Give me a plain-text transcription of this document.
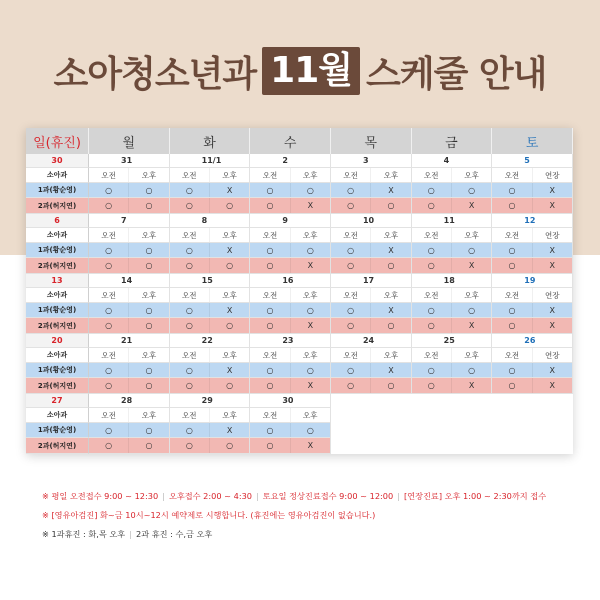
소아청소년과 11월 스케줄 안내
일(휴진)	월	화	수	목	금	토
30	31	11/1	2	3	4	5
소아과	오전	오후	오전	오후	오전	오후	오전	오후	오전	오후	오전	연장
1과(황순영)	○	○	○	X	○	○	○	X	○	○	○	X
2과(허지연)	○	○	○	○	○	X	○	○	○	X	○	X
6	7	8	9	10	11	12
소아과	오전	오후	오전	오후	오전	오후	오전	오후	오전	오후	오전	연장
1과(황순영)	○	○	○	X	○	○	○	X	○	○	○	X
2과(허지연)	○	○	○	○	○	X	○	○	○	X	○	X
13	14	15	16	17	18	19
소아과	오전	오후	오전	오후	오전	오후	오전	오후	오전	오후	오전	연장
1과(황순영)	○	○	○	X	○	○	○	X	○	○	○	X
2과(허지연)	○	○	○	○	○	X	○	○	○	X	○	X
20	21	22	23	24	25	26
소아과	오전	오후	오전	오후	오전	오후	오전	오후	오전	오후	오전	연장
1과(황순영)	○	○	○	X	○	○	○	X	○	○	○	X
2과(허지연)	○	○	○	○	○	X	○	○	○	X	○	X
27	28	29	30
소아과	오전	오후	오전	오후	오전	오후
1과(황순영)	○	○	○	X	○	○
2과(허지연)	○	○	○	○	○	X
※ 평일 오전접수 9:00 ~ 12:30 | 오후접수 2:00 ~ 4:30 | 토요일 정상진료접수 9:00 ~ 12:00 | [연장진료] 오후 1:00 ~ 2:30까지 접수
※ [영유아검진] 화~금 10시~12시 예약제로 시행합니다. (휴진에는 영유아검진이 없습니다.)
※ 1과휴진 : 화,목 오후 | 2과 휴진 : 수,금 오후
